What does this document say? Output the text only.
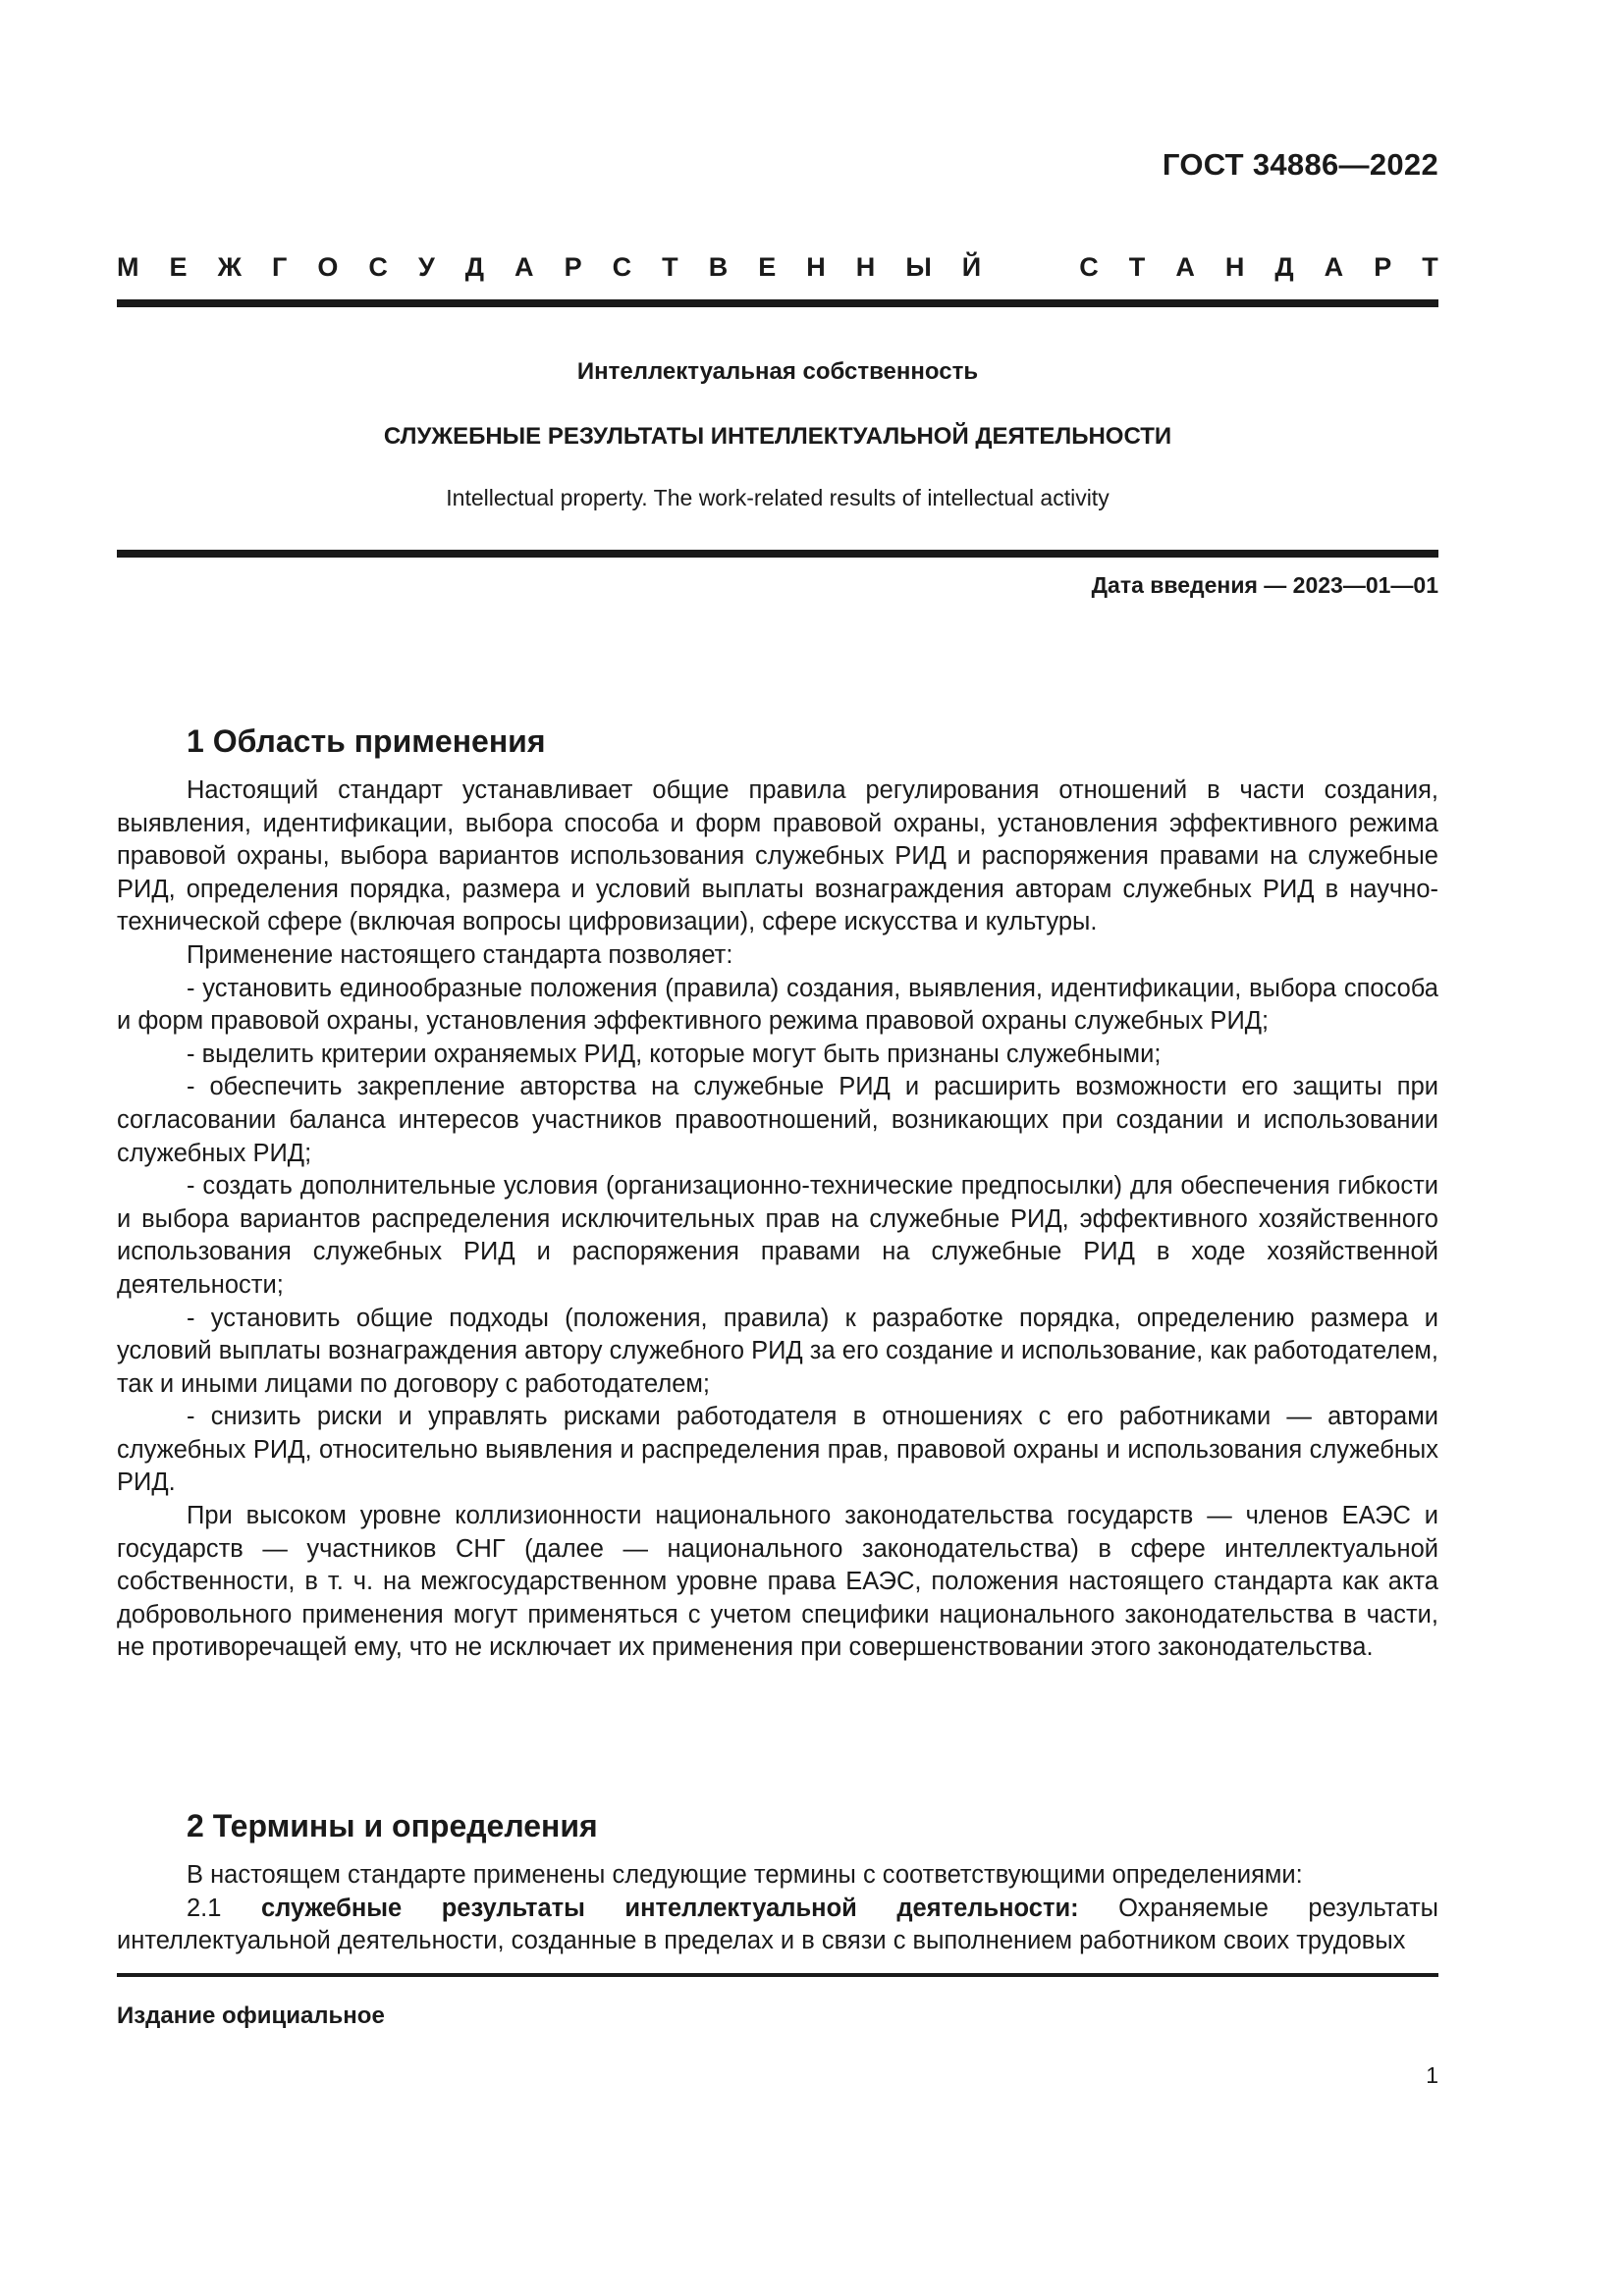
ГОСТ 34886—2022
М Е Ж Г О С У Д А Р С Т В Е Н Н Ы Й	С Т А Н Д А Р Т
Интеллектуальная собственность
СЛУЖЕБНЫЕ РЕЗУЛЬТАТЫ ИНТЕЛЛЕКТУАЛЬНОЙ ДЕЯТЕЛЬНОСТИ
Intellectual property. The work-related results of intellectual activity
Дата введения — 2023—01—01
1 Область применения

Настоящий стандарт устанавливает общие правила регулирования отношений в части создания, выявления, идентификации, выбора способа и форм правовой охраны, установления эффективного режима правовой охраны, выбора вариантов использования служебных РИД и распоряжения правами на служебные РИД, определения порядка, размера и условий выплаты вознаграждения авторам служебных РИД в научно-технической сфере (включая вопросы цифровизации), сфере искусства и культуры.

Применение настоящего стандарта позволяет:

- установить единообразные положения (правила) создания, выявления, идентификации, выбора способа и форм правовой охраны, установления эффективного режима правовой охраны служебных РИД;

- выделить критерии охраняемых РИД, которые могут быть признаны служебными;

- обеспечить закрепление авторства на служебные РИД и расширить возможности его защиты при согласовании баланса интересов участников правоотношений, возникающих при создании и использовании служебных РИД;

- создать дополнительные условия (организационно-технические предпосылки) для обеспечения гибкости и выбора вариантов распределения исключительных прав на служебные РИД, эффективного хозяйственного использования служебных РИД и распоряжения правами на служебные РИД в ходе хозяйственной деятельности;

- установить общие подходы (положения, правила) к разработке порядка, определению размера и условий выплаты вознаграждения автору служебного РИД за его создание и использование, как работодателем, так и иными лицами по договору с работодателем;

- снизить риски и управлять рисками работодателя в отношениях с его работниками — авторами служебных РИД, относительно выявления и распределения прав, правовой охраны и использования служебных РИД.

При высоком уровне коллизионности национального законодательства государств — членов ЕАЭС и государств — участников СНГ (далее — национального законодательства) в сфере интеллектуальной собственности, в т. ч. на межгосударственном уровне права ЕАЭС, положения настоящего стандарта как акта добровольного применения могут применяться с учетом специфики национального законодательства в части, не противоречащей ему, что не исключает их применения при совершенствовании этого законодательства.

2 Термины и определения

В настоящем стандарте применены следующие термины с соответствующими определениями:

2.1 служебные результаты интеллектуальной деятельности: Охраняемые результаты интеллектуальной деятельности, созданные в пределах и в связи с выполнением работником своих трудовых

Издание официальное
1
